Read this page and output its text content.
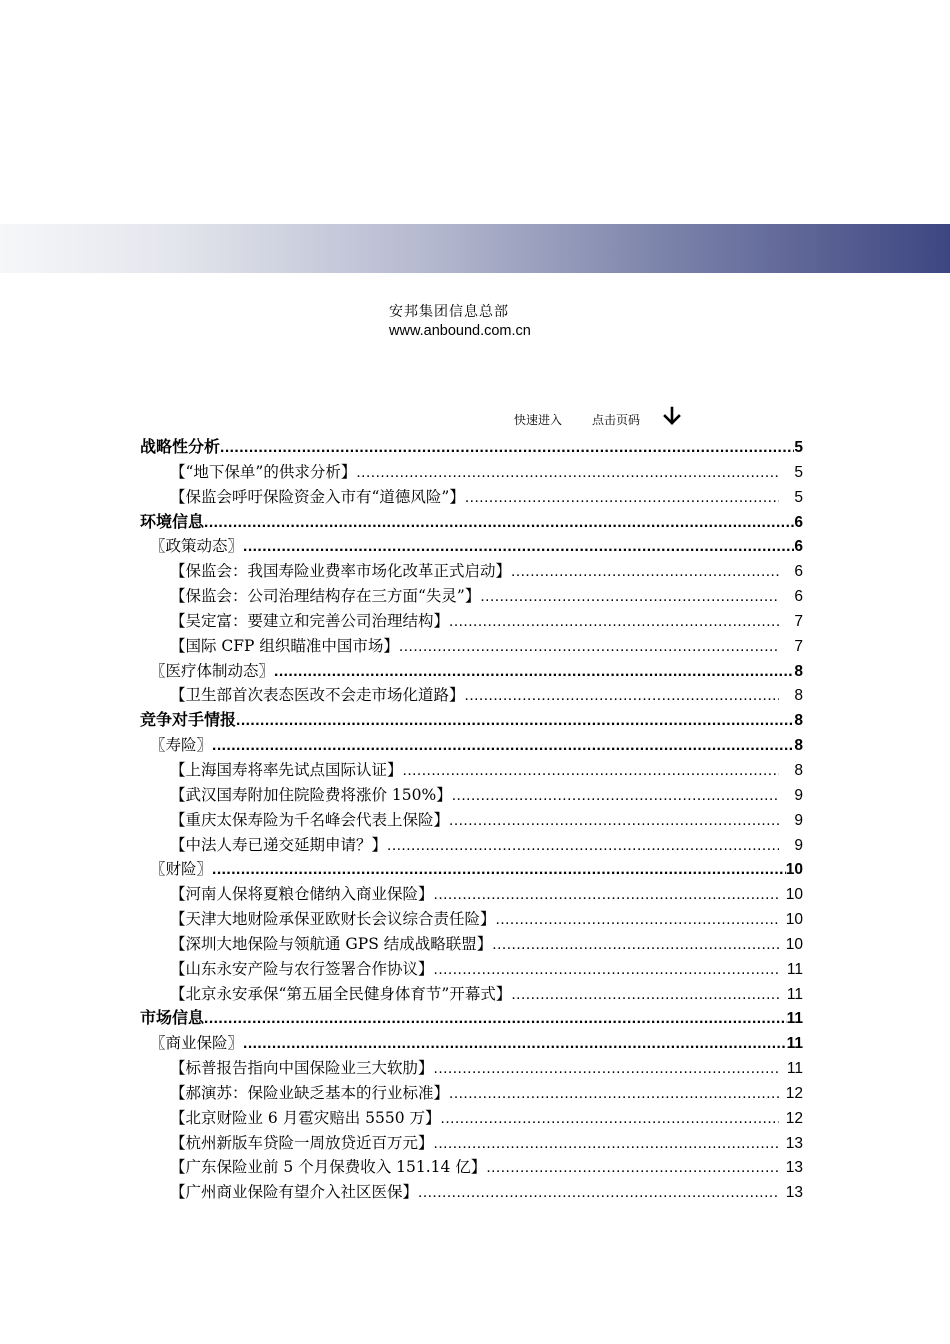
安邦集团信息总部
www.anbound.com.cn
快速进入	点击页码
战略性分析 .....	5
【“地下保单”的供求分析】 .....	5
【保监会呼吁保险资金入市有“道德风险”】 .....	5
环境信息 .....	6
〖政策动态〗 .....	6
【保监会：我国寿险业费率市场化改革正式启动】 .....	6
【保监会：公司治理结构存在三方面“失灵”】 .....	6
【吴定富：要建立和完善公司治理结构】 .....	7
【国际 CFP 组织瞄准中国市场】 .....	7
〖医疗体制动态〗 .....	8
【卫生部首次表态医改不会走市场化道路】 .....	8
竞争对手情报 .....	8
〖寿险〗 .....	8
【上海国寿将率先试点国际认证】 .....	8
【武汉国寿附加住院险费将涨价 150%】 .....	9
【重庆太保寿险为千名峰会代表上保险】 .....	9
【中法人寿已递交延期申请？】 .....	9
〖财险〗 .....	10
【河南人保将夏粮仓储纳入商业保险】 .....	10
【天津大地财险承保亚欧财长会议综合责任险】 .....	10
【深圳大地保险与领航通 GPS 结成战略联盟】 .....	10
【山东永安产险与农行签署合作协议】 .....	11
【北京永安承保“第五届全民健身体育节”开幕式】 .....	11
市场信息 .....	11
〖商业保险〗 .....	11
【标普报告指向中国保险业三大软肋】 .....	11
【郝演苏：保险业缺乏基本的行业标准】 .....	12
【北京财险业 6 月雹灾赔出 5550 万】 .....	12
【杭州新版车贷险一周放贷近百万元】 .....	13
【广东保险业前 5 个月保费收入 151.14 亿】 .....	13
【广州商业保险有望介入社区医保】 .....	13
